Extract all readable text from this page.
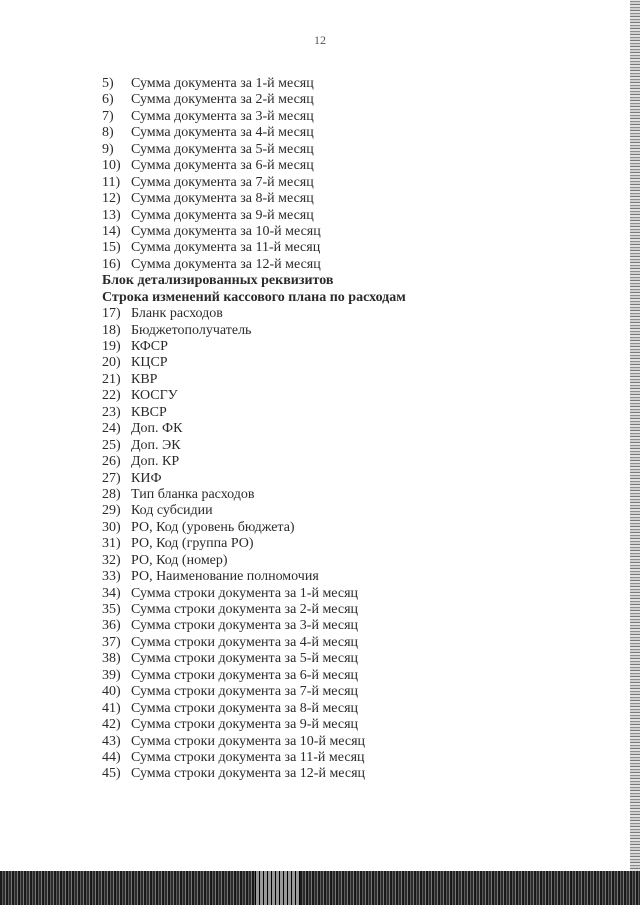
12
5) Сумма документа за 1-й месяц
6) Сумма документа за 2-й месяц
7) Сумма документа за 3-й месяц
8) Сумма документа за 4-й месяц
9) Сумма документа за 5-й месяц
10) Сумма документа за 6-й месяц
11) Сумма документа за 7-й месяц
12) Сумма документа за 8-й месяц
13) Сумма документа за 9-й месяц
14) Сумма документа за 10-й месяц
15) Сумма документа за 11-й месяц
16) Сумма документа за 12-й месяц
Блок детализированных реквизитов
Строка изменений кассового плана по расходам
17) Бланк расходов
18) Бюджетополучатель
19) КФСР
20) КЦСР
21) КВР
22) КОСГУ
23) КВСР
24) Доп. ФК
25) Доп. ЭК
26) Доп. КР
27) КИФ
28) Тип бланка расходов
29) Код субсидии
30) РО, Код (уровень бюджета)
31) РО, Код (группа РО)
32) РО, Код (номер)
33) РО, Наименование полномочия
34) Сумма строки документа за 1-й месяц
35) Сумма строки документа за 2-й месяц
36) Сумма строки документа за 3-й месяц
37) Сумма строки документа за 4-й месяц
38) Сумма строки документа за 5-й месяц
39) Сумма строки документа за 6-й месяц
40) Сумма строки документа за 7-й месяц
41) Сумма строки документа за 8-й месяц
42) Сумма строки документа за 9-й месяц
43) Сумма строки документа за 10-й месяц
44) Сумма строки документа за 11-й месяц
45) Сумма строки документа за 12-й месяц
